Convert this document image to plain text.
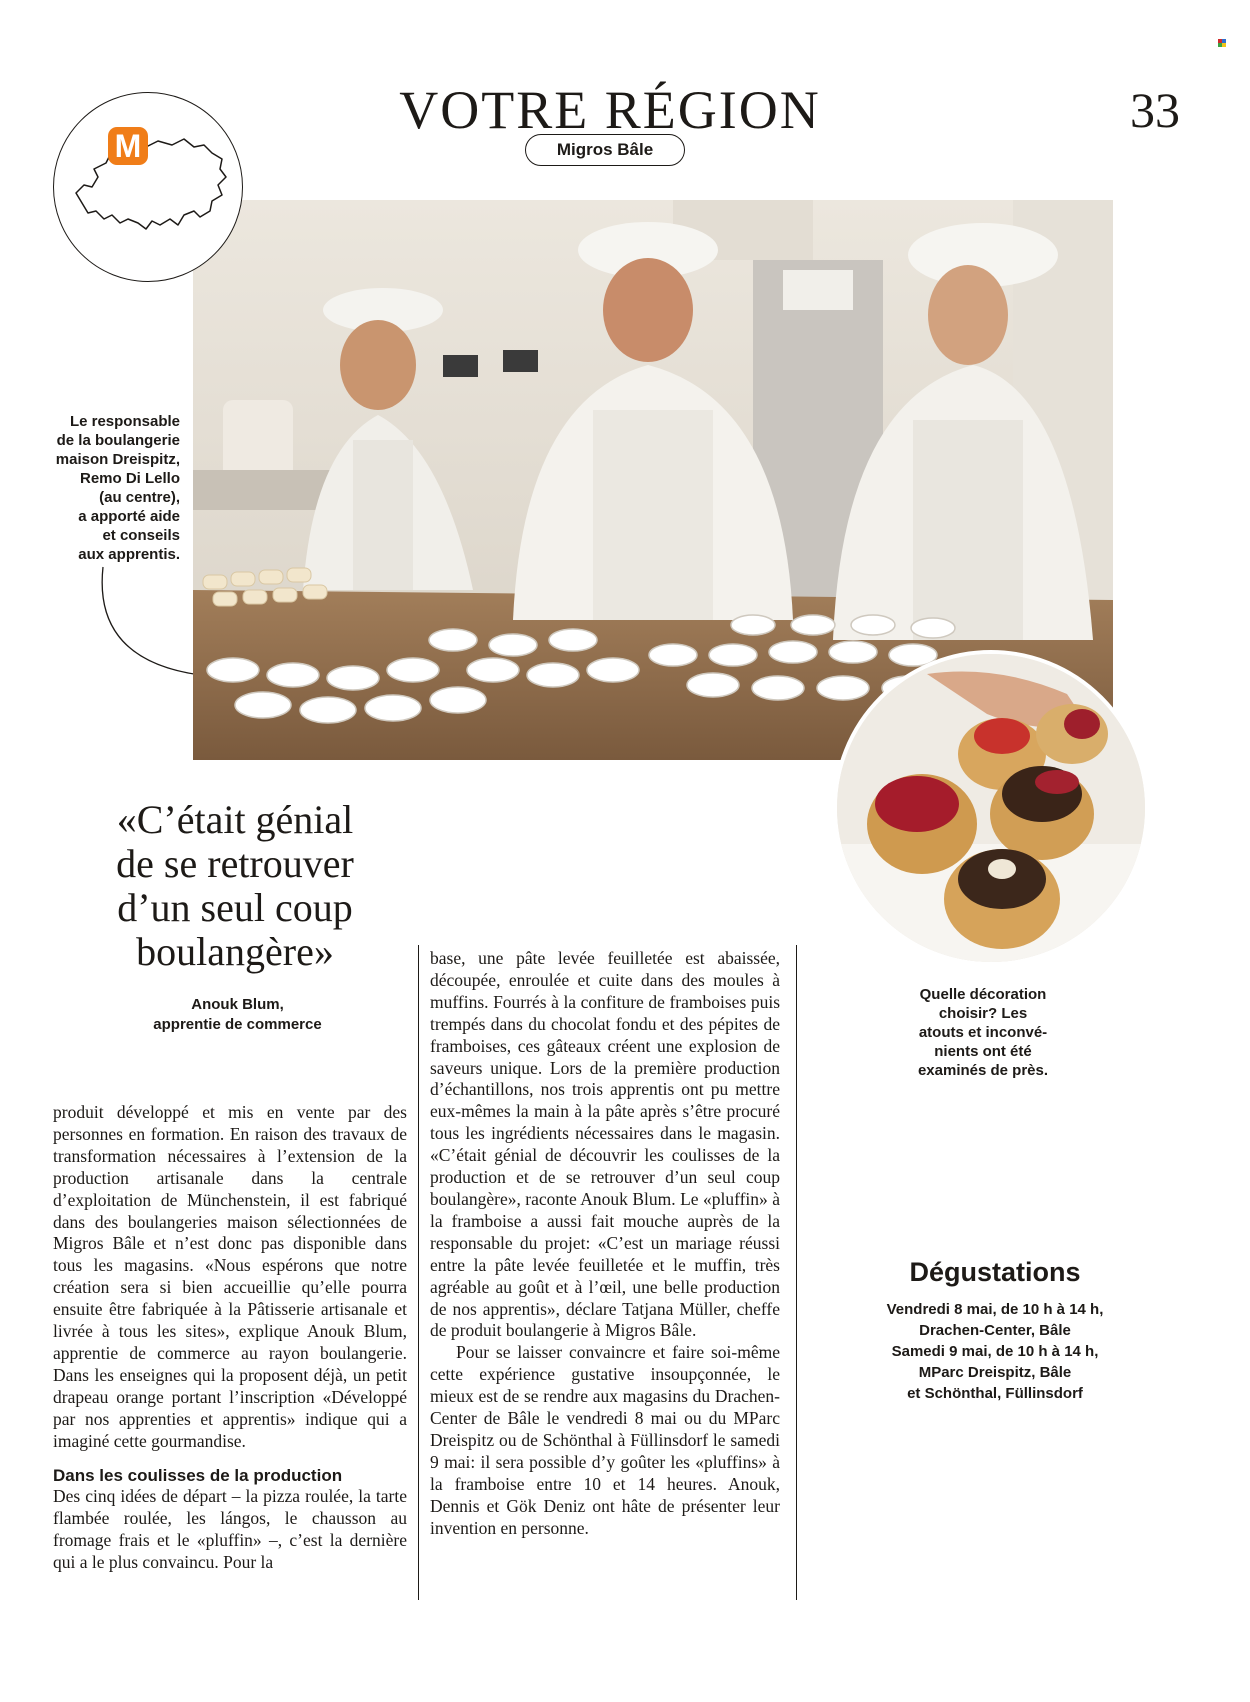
VOTRE RÉGION
Migros Bâle
33
M
Le responsable
de la boulangerie
maison Dreispitz,
Remo Di Lello
(au centre),
a apporté aide
et conseils
aux apprentis.
Quelle décoration
choisir? Les
atouts et inconvé-
nients ont été
examinés de près.
«C’était génial
de se retrouver
d’un seul coup
boulangère»
Anouk Blum,
apprentie de commerce

produit développé et mis en vente par des personnes en formation. En raison des travaux de transformation nécessaires à l’extension de la production artisanale dans la centrale d’exploitation de Münchenstein, il est fabriqué dans des boulangeries maison sélectionnées de Migros Bâle et n’est donc pas disponible dans tous les magasins. «Nous espérons que notre création sera si bien accueillie qu’elle pourra ensuite être fabriquée à la Pâtisserie artisanale et livrée à tous les sites», explique Anouk Blum, apprentie de commerce au rayon boulangerie. Dans les enseignes qui la proposent déjà, un petit drapeau orange portant l’inscription «Développé par nos apprenties et apprentis» indique qui a imaginé cette gourmandise.

Dans les coulisses de la production

Des cinq idées de départ – la pizza roulée, la tarte flambée roulée, les lángos, le chausson au fromage frais et le «pluffin» –, c’est la dernière qui a le plus convaincu. Pour la

base, une pâte levée feuilletée est abaissée, découpée, enroulée et cuite dans des moules à muffins. Fourrés à la confiture de framboises puis trempés dans du chocolat fondu et des pépites de framboises, ces gâteaux créent une explosion de saveurs unique. Lors de la première production d’échantillons, nos trois apprentis ont pu mettre eux-mêmes la main à la pâte après s’être procuré tous les ingrédients nécessaires dans le magasin. «C’était génial de découvrir les coulisses de la production et de se retrouver d’un seul coup boulangère», raconte Anouk Blum. Le «pluffin» à la framboise a aussi fait mouche auprès de la responsable du projet: «C’est un mariage réussi entre la pâte levée feuilletée et le muffin, très agréable au goût et à l’œil, une belle production de nos apprentis», déclare Tatjana Müller, cheffe de produit boulangerie à Migros Bâle.

Pour se laisser convaincre et faire soi-même cette expérience gustative insoupçonnée, le mieux est de se rendre aux magasins du Drachen-Center de Bâle le vendredi 8 mai ou du MParc Dreispitz ou de Schönthal à Füllinsdorf le samedi 9 mai: il sera possible d’y goûter les «pluffins» à la framboise entre 10 et 14 heures. Anouk, Dennis et Gök Deniz ont hâte de présenter leur invention en personne.

Dégustations
Vendredi 8 mai, de 10 h à 14 h,
Drachen-Center, Bâle
Samedi 9 mai, de 10 h à 14 h,
MParc Dreispitz, Bâle
et Schönthal, Füllinsdorf
